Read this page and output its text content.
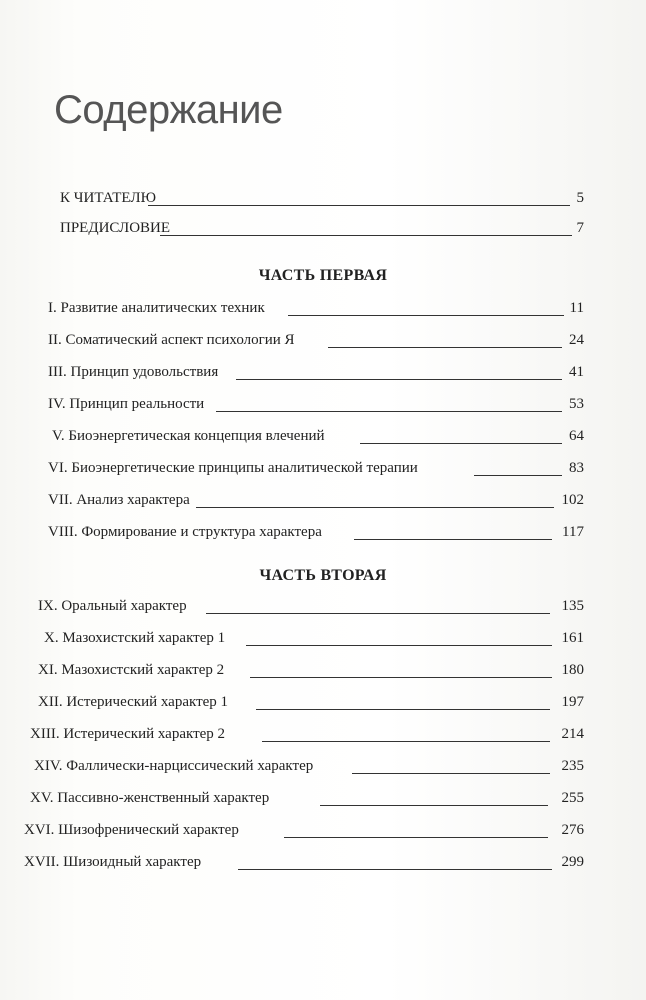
Содержание
К ЧИТАТЕЛЮ	5
ПРЕДИСЛОВИЕ	7
ЧАСТЬ ПЕРВАЯ
I. Развитие аналитических техник	11
II. Соматический аспект психологии Я	24
III. Принцип удовольствия	41
IV. Принцип реальности	53
V. Биоэнергетическая концепция влечений	64
VI. Биоэнергетические принципы аналитической терапии	83
VII. Анализ характера	102
VIII. Формирование и структура характера	117
ЧАСТЬ ВТОРАЯ
IX. Оральный характер	135
X. Мазохистский характер 1	161
XI. Мазохистский характер 2	180
XII. Истерический характер 1	197
XIII. Истерический характер 2	214
XIV. Фаллически-нарциссический характер	235
XV. Пассивно-женственный характер	255
XVI. Шизофренический характер	276
XVII. Шизоидный характер	299
